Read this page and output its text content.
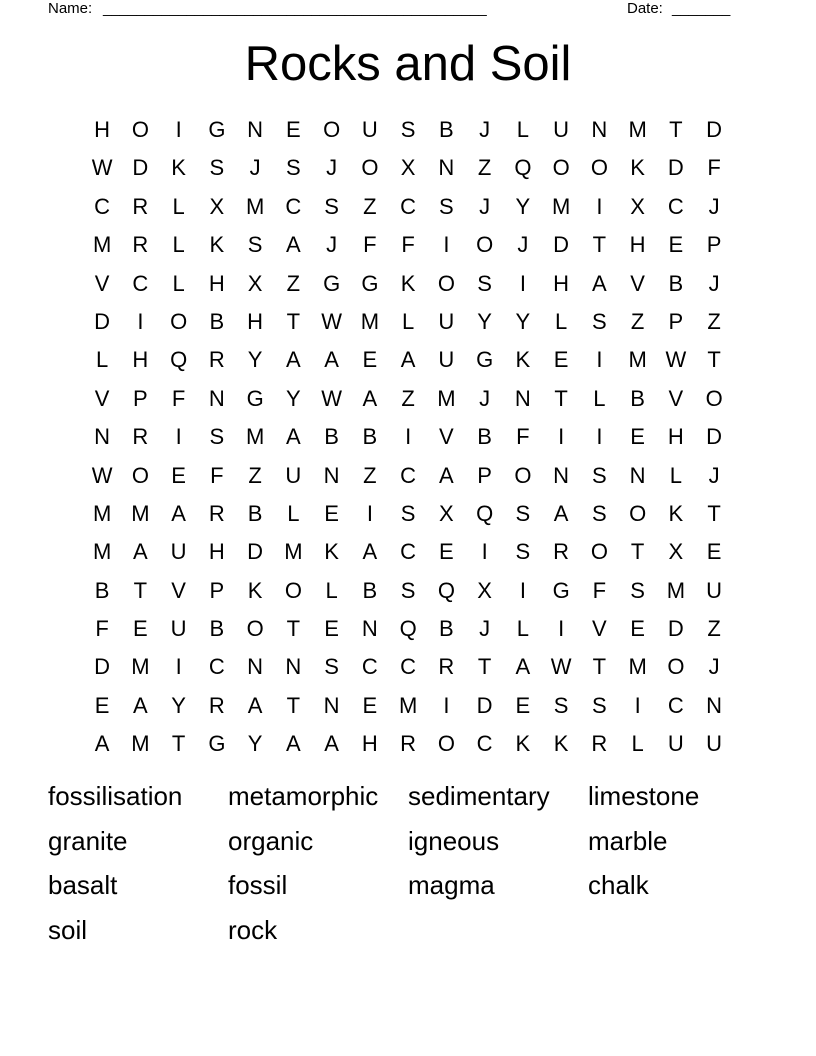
Name: ______________________________________________	Date: _______
Rocks and Soil
H O	I	G N	E	O U	S	B	J	L	U	N M	T	D
W D	K	S	J	S	J	O	X	N	Z	Q O O	K	D	F
C	R	L	X M C	S	Z	C	S	J	Y M	I	X	C	J
M R	L	K	S	A	J	F	F	I	O	J	D	T	H	E	P
V	C	L	H	X	Z	G G	K	O	S	I	H	A	V	B	J
D	I	O	B	H	T W M	L	U	Y	Y	L	S	Z	P	Z
L	H Q R	Y	A	A	E	A	U G	K	E	I	M W T
V	P	F	N G	Y W A	Z	M	J	N	T	L	B	V	O
N	R	I	S M A	B	B	I	V	B	F	I	I	E	H	D
W O	E	F	Z	U	N	Z	C	A	P	O N	S	N	L	J
M M A	R	B	L	E	I	S	X	Q	S	A	S	O	K	T
M A	U	H	D M K	A	C	E	I	S	R O	T	X	E
B	T	V	P	K	O	L	B	S	Q	X	I	G	F	S M U
F	E	U	B	O	T	E	N Q	B	J	L	I	V	E	D	Z
D M	I	C	N	N	S	C	C	R	T	A W T	M O	J
E	A	Y	R	A	T	N	E M	I	D	E	S	S	I	C	N
A M	T	G	Y	A	A	H	R O C	K	K	R	L	U	U
fossilisation metamorphic sedimentary limestone
granite	organic	igneous	marble
basalt	fossil	magma	chalk
soil	rock
